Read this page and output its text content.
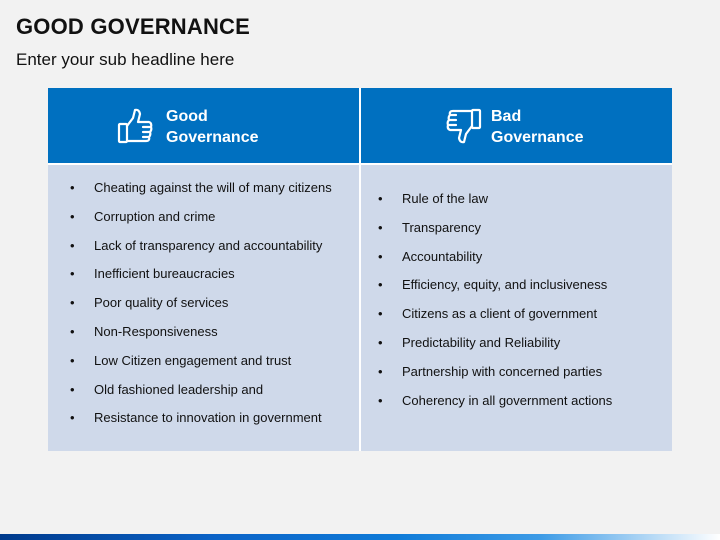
GOOD GOVERNANCE
Enter your sub headline here
Good
Governance
Bad
Governance
• Cheating against the will of many citizens
• Corruption and crime
• Lack of transparency and accountability
• Inefficient bureaucracies
• Poor quality of services
• Non-Responsiveness
• Low Citizen engagement and trust
• Old fashioned leadership and
• Resistance to innovation in government
• Rule of the law
• Transparency
• Accountability
• Efficiency, equity, and inclusiveness
• Citizens as a client of government
• Predictability and Reliability
• Partnership with concerned parties
• Coherency in all government actions
